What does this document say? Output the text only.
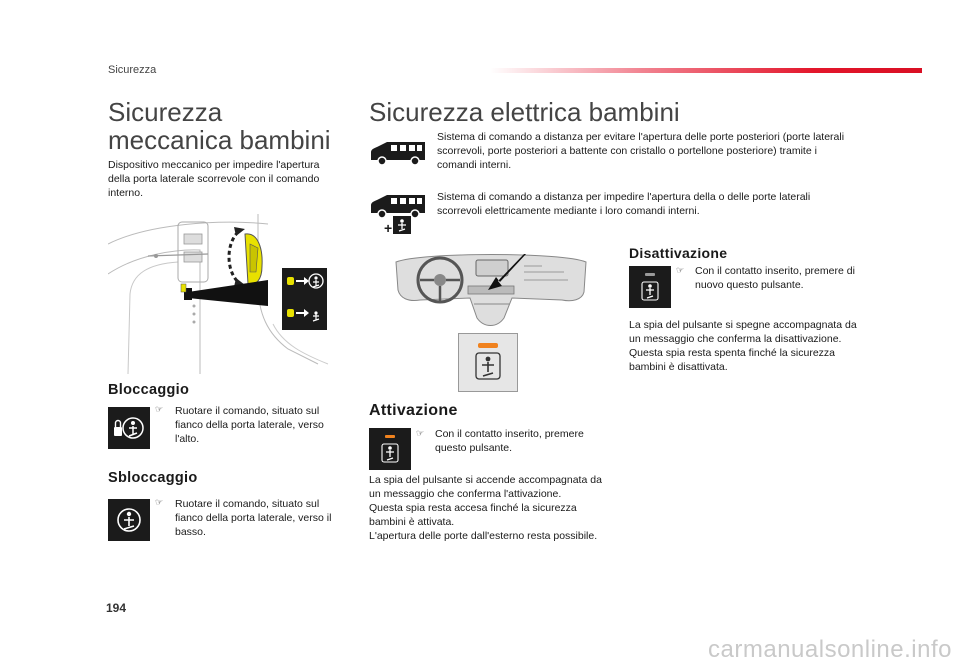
Sicurezza
Sicurezza
meccanica bambini
Dispositivo meccanico per impedire l'apertura della porta laterale scorrevole con il comando interno.
Bloccaggio
☞ Ruotare il comando, situato sul fianco della porta laterale, verso l'alto.
Sbloccaggio
☞ Ruotare il comando, situato sul fianco della porta laterale, verso il basso.
Sicurezza elettrica bambini
Sistema di comando a distanza per evitare l'apertura delle porte posteriori (porte laterali scorrevoli, porte posteriori a battente con cristallo o portellone posteriore) tramite i comandi interni.
+
Sistema di comando a distanza per impedire l'apertura della o delle porte laterali scorrevoli elettricamente mediante i loro comandi interni.
Attivazione
☞ Con il contatto inserito, premere questo pulsante.
La spia del pulsante si accende accompagnata da un messaggio che conferma l'attivazione.
Questa spia resta accesa finché la sicurezza bambini è attivata.
L'apertura delle porte dall'esterno resta possibile.
Disattivazione
☞ Con il contatto inserito, premere di nuovo questo pulsante.
La spia del pulsante si spegne accompagnata da un messaggio che conferma la disattivazione.
Questa spia resta spenta finché la sicurezza bambini è disattivata.
194
carmanualsonline.info
